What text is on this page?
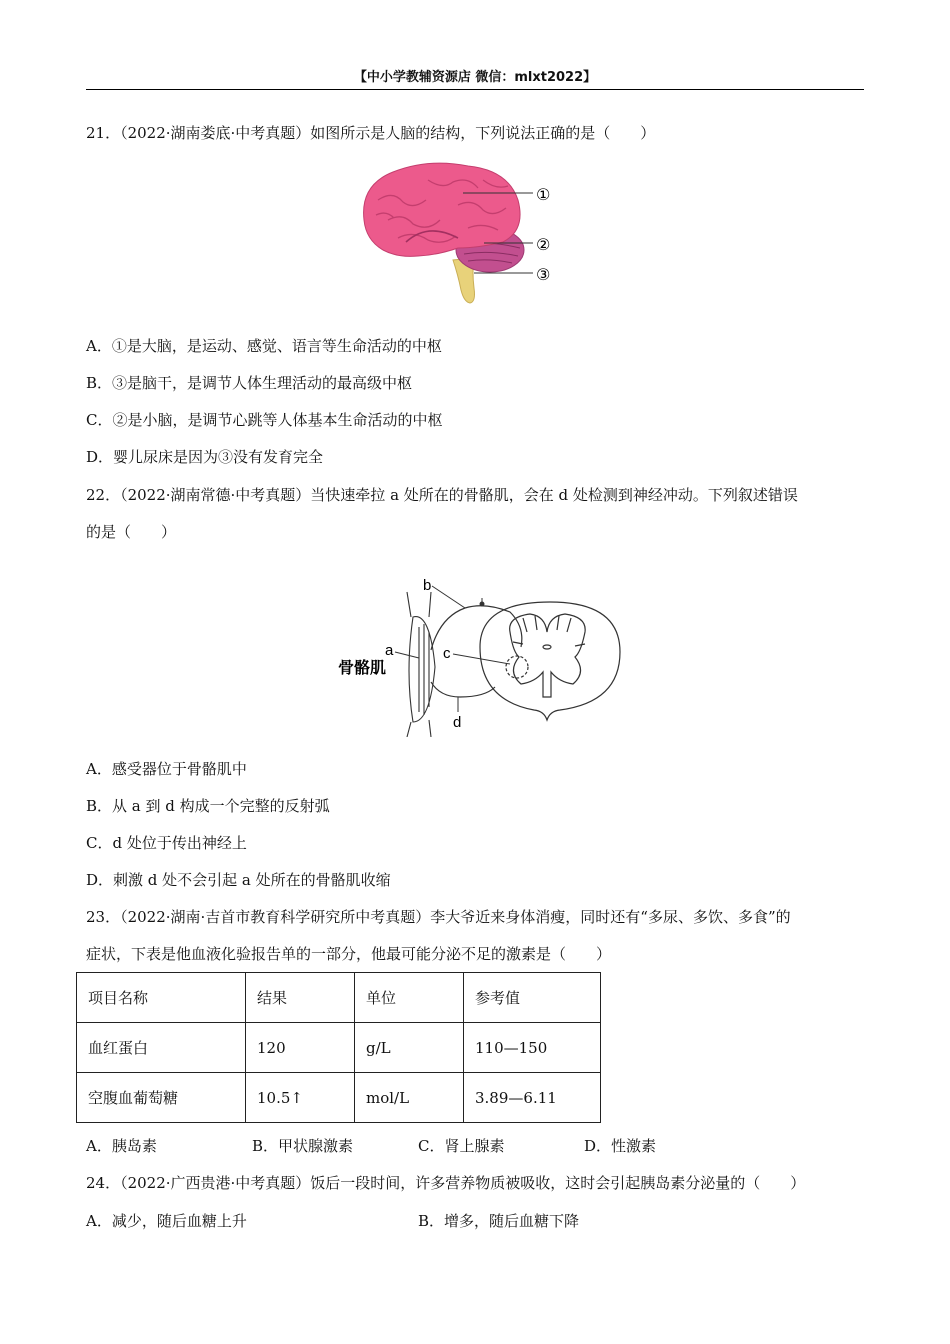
【中小学教辅资源店 微信：mlxt2022】
21．（2022·湖南娄底·中考真题）如图所示是人脑的结构，下列说法正确的是（　　）
①
②
③
A．①是大脑，是运动、感觉、语言等生命活动的中枢
B．③是脑干，是调节人体生理活动的最高级中枢
C．②是小脑，是调节心跳等人体基本生命活动的中枢
D．婴儿尿床是因为③没有发育完全
22．（2022·湖南常德·中考真题）当快速牵拉 a 处所在的骨骼肌，会在 d 处检测到神经冲动。下列叙述错误
的是（　　）
b
a	c
d
骨骼肌
A．感受器位于骨骼肌中
B．从 a 到 d 构成一个完整的反射弧
C．d 处位于传出神经上
D．刺激 d 处不会引起 a 处所在的骨骼肌收缩
23．（2022·湖南·吉首市教育科学研究所中考真题）李大爷近来身体消瘦，同时还有“多尿、多饮、多食”的
症状，下表是他血液化验报告单的一部分，他最可能分泌不足的激素是（　　）
项目名称	结果	单位	参考值
血红蛋白	120	g/L	110—150
空腹血葡萄糖	10.5↑	mol/L	3.89—6.11
A．胰岛素	B．甲状腺激素	C．肾上腺素	D．性激素
24．（2022·广西贵港·中考真题）饭后一段时间，许多营养物质被吸收，这时会引起胰岛素分泌量的（　　）
A．减少，随后血糖上升	B．增多，随后血糖下降
